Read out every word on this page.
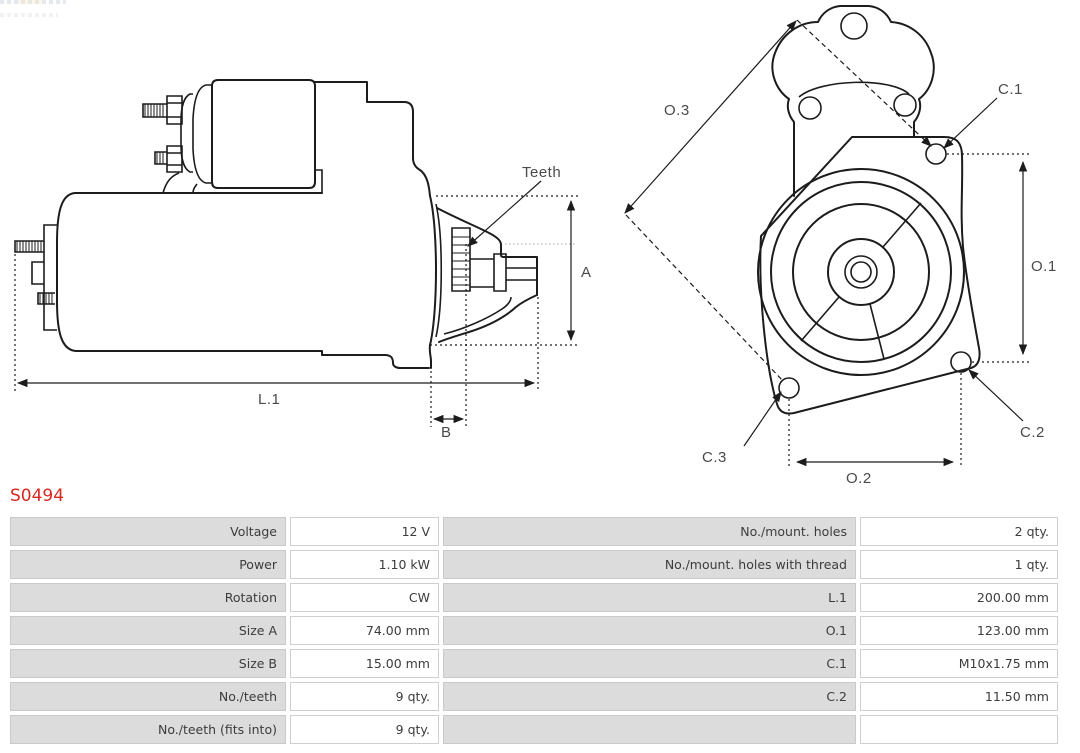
Teeth
A
L.1
B
O.3
C.1
O.1
C.2
C.3
O.2
S0494
Voltage	12 V	No./mount. holes	2 qty.
Power	1.10 kW	No./mount. holes with thread	1 qty.
Rotation	CW	L.1	200.00 mm
Size A	74.00 mm	O.1	123.00 mm
Size B	15.00 mm	C.1	M10x1.75 mm
No./teeth	9 qty.	C.2	11.50 mm
No./teeth (fits into)	9 qty.
